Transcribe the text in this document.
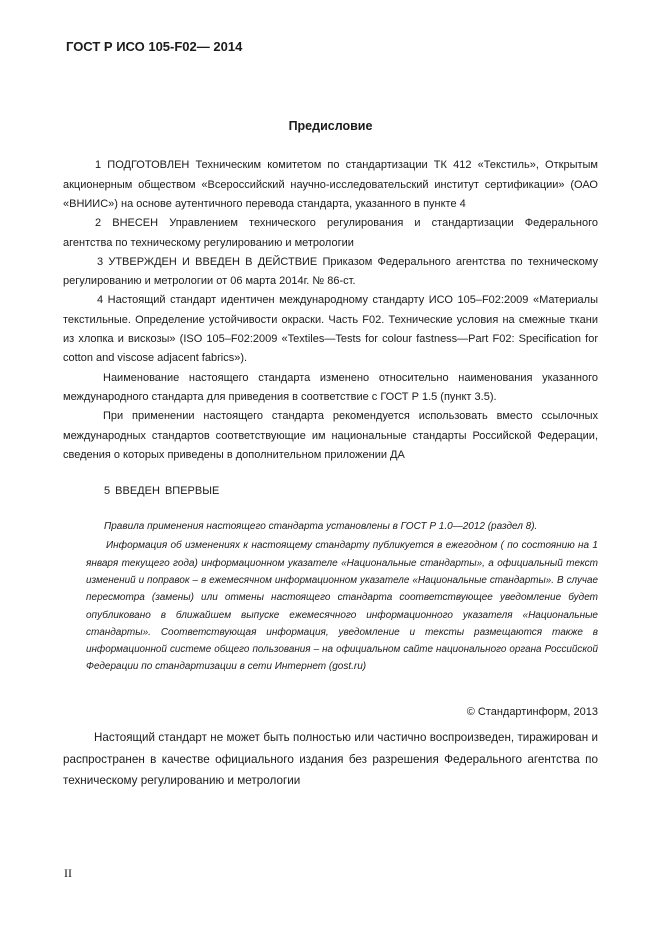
ГОСТ Р ИСО 105-F02— 2014
Предисловие
1 ПОДГОТОВЛЕН Техническим комитетом по стандартизации ТК 412 «Текстиль», Открытым
акционерным обществом «Всероссийский научно-исследовательский институт сертификации» (ОАО
«ВНИИС») на основе аутентичного перевода стандарта, указанного в пункте 4
2 ВНЕСЕН Управлением технического регулирования и стандартизации Федерального
агентства по техническому регулированию и метрологии
3 УТВЕРЖДЕН И ВВЕДЕН В ДЕЙСТВИЕ Приказом Федерального агентства по техническому
регулированию и метрологии от 06 марта 2014г. № 86-ст.
4 Настоящий стандарт идентичен международному стандарту ИСО 105–F02:2009 «Материалы
текстильные. Определение устойчивости окраски. Часть F02. Технические условия на смежные ткани
из хлопка и вискозы» (ISO 105–F02:2009 «Textiles—Tests for colour fastness—Part F02: Specification for
cotton and viscose adjacent fabrics»).
Наименование настоящего стандарта изменено относительно наименования указанного
международного стандарта для приведения в соответствие с ГОСТ Р 1.5 (пункт 3.5).
При применении настоящего стандарта рекомендуется использовать вместо ссылочных
международных стандартов соответствующие им национальные стандарты Российской Федерации,
сведения о которых приведены в дополнительном приложении ДА
5 ВВЕДЕН ВПЕРВЫЕ
Правила применения настоящего стандарта установлены в ГОСТ Р 1.0—2012 (раздел 8).
Информация об изменениях к настоящему стандарту публикуется в ежегодном ( по состоянию на 1
января текущего года) информационном указателе «Национальные стандарты», а официальный текст
изменений и поправок – в ежемесячном информационном указателе «Национальные стандарты». В случае
пересмотра (замены) или отмены настоящего стандарта соответствующее уведомление будет
опубликовано в ближайшем выпуске ежемесячного информационного указателя «Национальные
стандарты». Соответствующая информация, уведомление и тексты размещаются также в
информационной системе общего пользования – на официальном сайте национального органа Российской
Федерации по стандартизации в сети Интернет (gost.ru)
© Стандартинформ, 2013
Настоящий стандарт не может быть полностью или частично воспроизведен, тиражирован и
распространен в качестве официального издания без разрешения Федерального агентства по
техническому регулированию и метрологии
II
